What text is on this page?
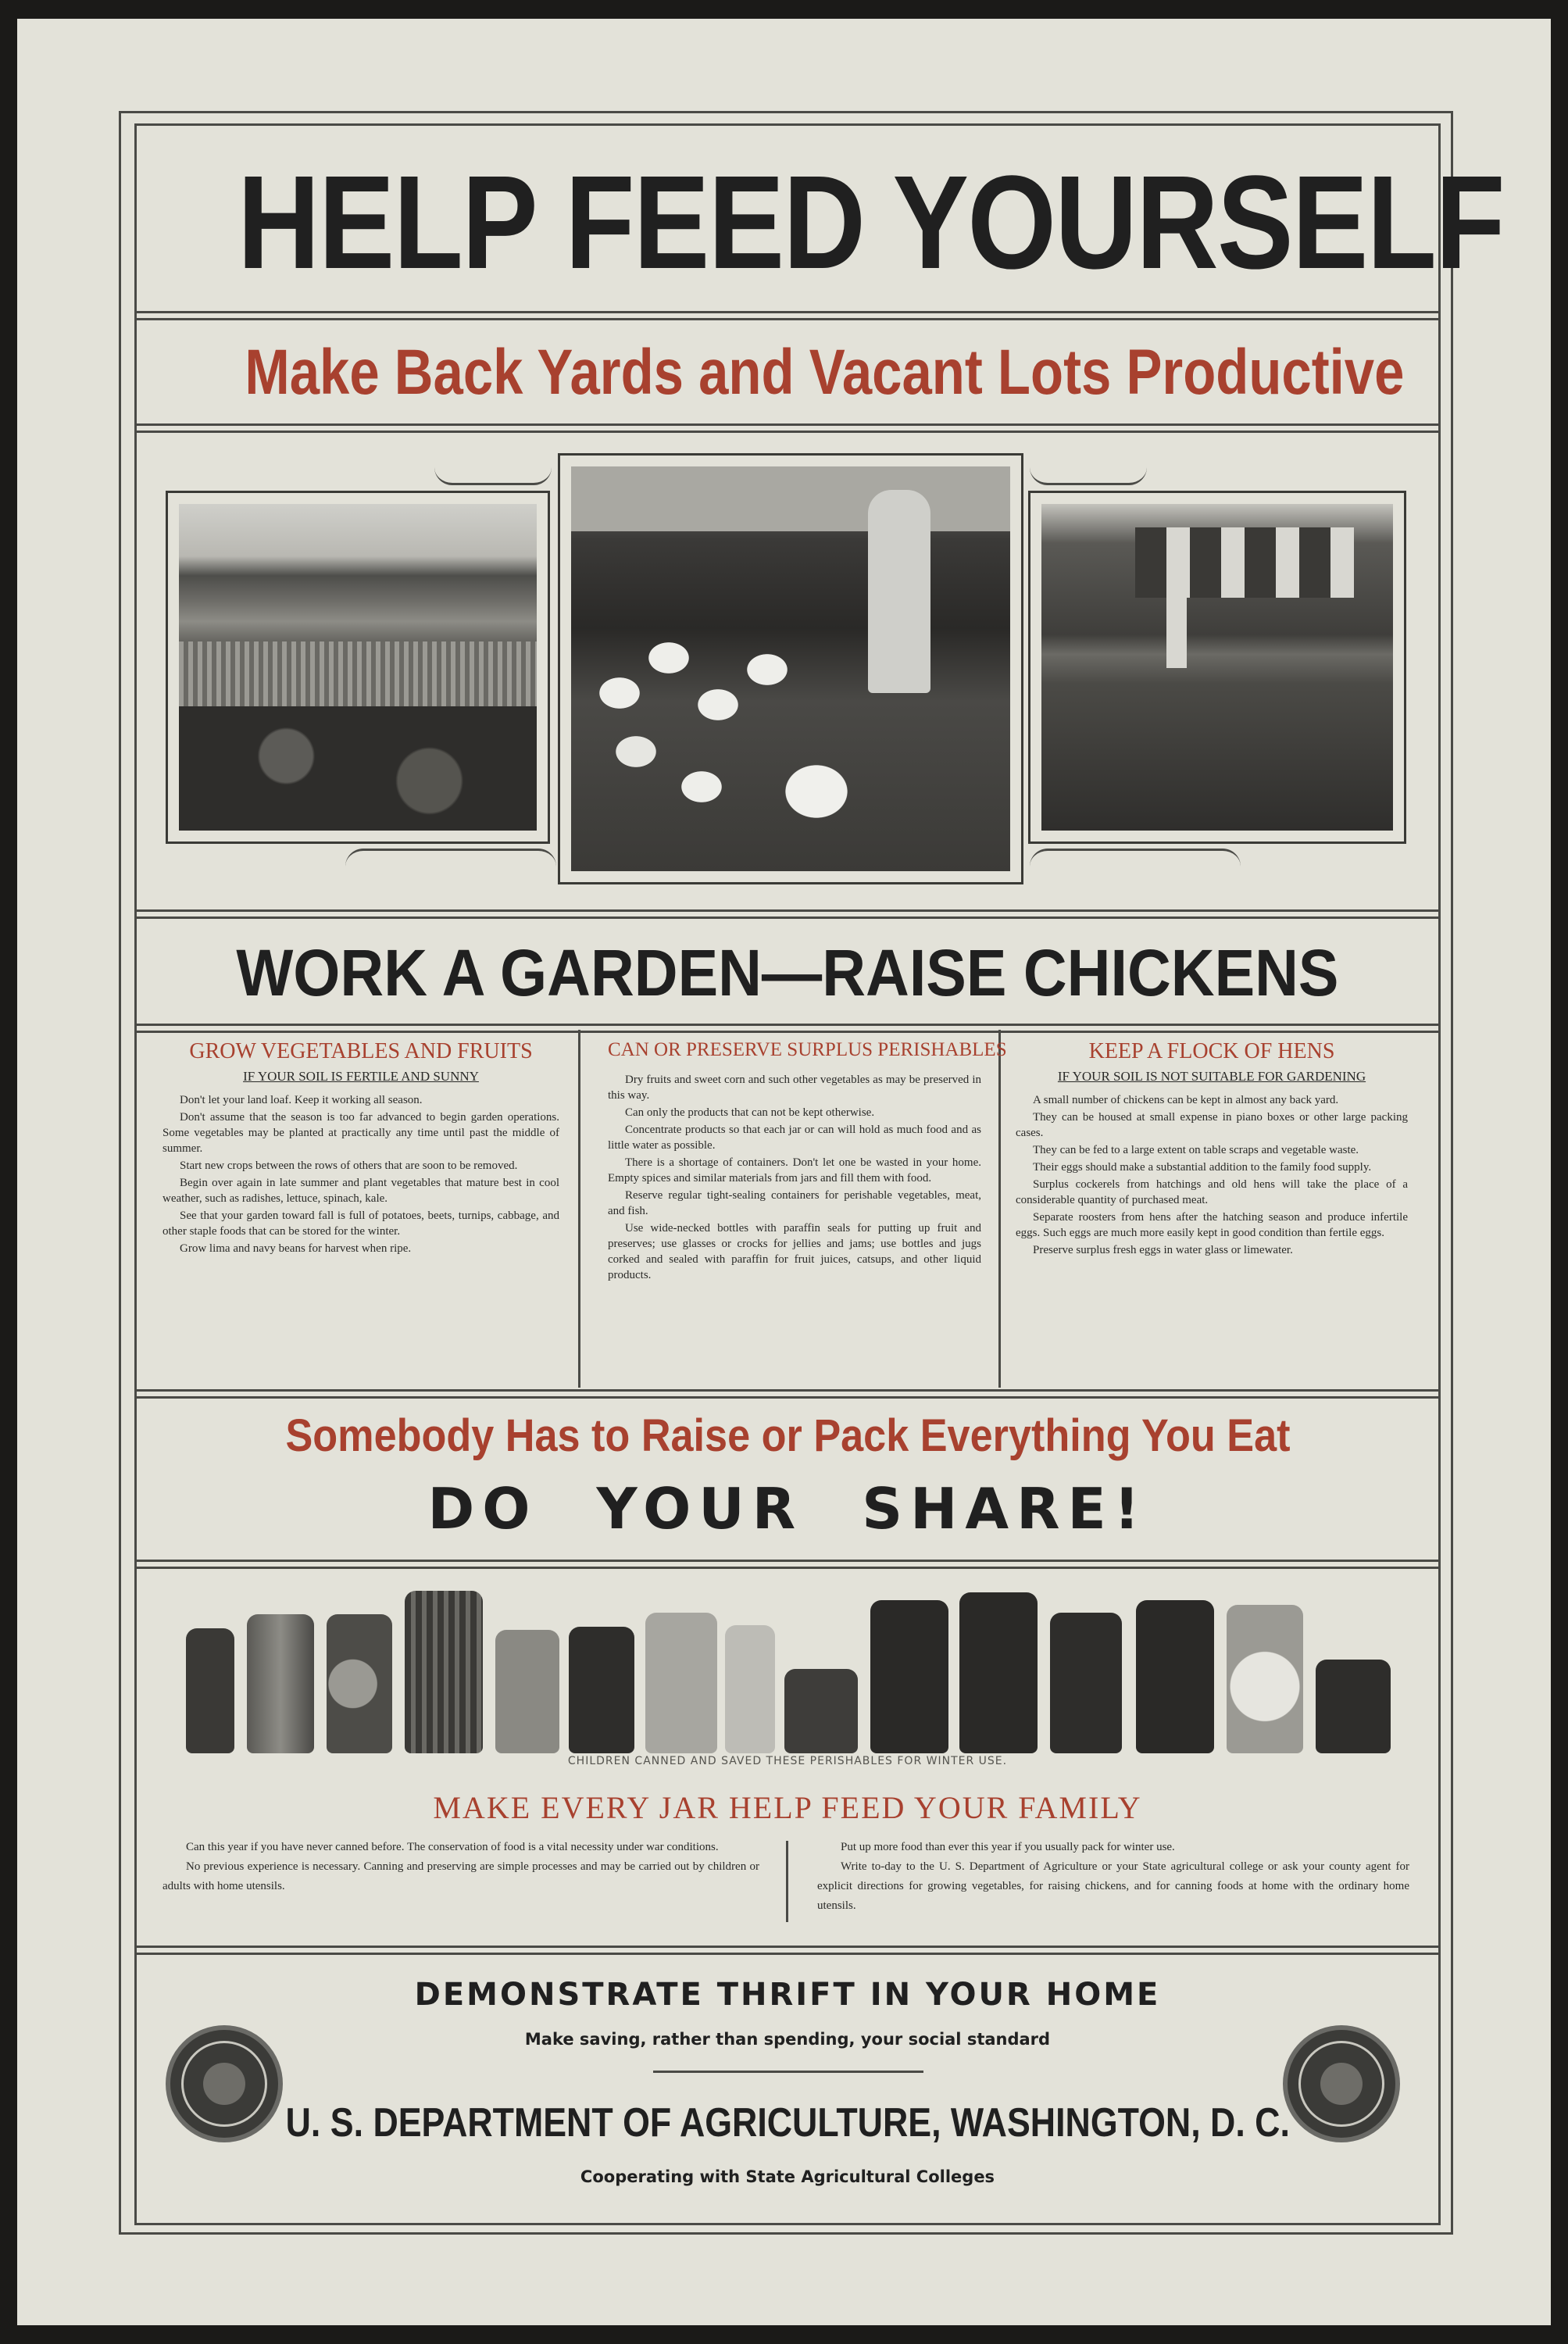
HELP FEED YOURSELF
Make Back Yards and Vacant Lots Productive
WORK A GARDEN—RAISE CHICKENS
GROW VEGETABLES AND FRUITS
IF YOUR SOIL IS FERTILE AND SUNNY

Don't let your land loaf. Keep it working all season.

Don't assume that the season is too far advanced to begin garden operations. Some vegetables may be planted at practically any time until past the middle of summer.

Start new crops between the rows of others that are soon to be removed.

Begin over again in late summer and plant vegetables that mature best in cool weather, such as radishes, lettuce, spinach, kale.

See that your garden toward fall is full of potatoes, beets, turnips, cabbage, and other staple foods that can be stored for the winter.

Grow lima and navy beans for harvest when ripe.

CAN OR PRESERVE SURPLUS PERISHABLES

Dry fruits and sweet corn and such other vegetables as may be preserved in this way.

Can only the products that can not be kept otherwise.

Concentrate products so that each jar or can will hold as much food and as little water as possible.

There is a shortage of containers. Don't let one be wasted in your home. Empty spices and similar materials from jars and fill them with food.

Reserve regular tight-sealing containers for perishable vegetables, meat, and fish.

Use wide-necked bottles with paraffin seals for putting up fruit and preserves; use glasses or crocks for jellies and jams; use bottles and jugs corked and sealed with paraffin for fruit juices, catsups, and other liquid products.

KEEP A FLOCK OF HENS
IF YOUR SOIL IS NOT SUITABLE FOR GARDENING

A small number of chickens can be kept in almost any back yard.

They can be housed at small expense in piano boxes or other large packing cases.

They can be fed to a large extent on table scraps and vegetable waste.

Their eggs should make a substantial addition to the family food supply.

Surplus cockerels from hatchings and old hens will take the place of a considerable quantity of purchased meat.

Separate roosters from hens after the hatching season and produce infertile eggs. Such eggs are much more easily kept in good condition than fertile eggs.

Preserve surplus fresh eggs in water glass or limewater.

Somebody Has to Raise or Pack Everything You Eat
DO YOUR SHARE!
CHILDREN CANNED AND SAVED THESE PERISHABLES FOR WINTER USE.
MAKE EVERY JAR HELP FEED YOUR FAMILY

Can this year if you have never canned before. The conservation of food is a vital necessity under war conditions.

No previous experience is necessary. Canning and preserving are simple processes and may be carried out by children or adults with home utensils.

Put up more food than ever this year if you usually pack for winter use.

Write to-day to the U. S. Department of Agriculture or your State agricultural college or ask your county agent for explicit directions for growing vegetables, for raising chickens, and for canning foods at home with the ordinary home utensils.

DEMONSTRATE THRIFT IN YOUR HOME
Make saving, rather than spending, your social standard
U. S. DEPARTMENT OF AGRICULTURE, WASHINGTON, D. C.
Cooperating with State Agricultural Colleges
